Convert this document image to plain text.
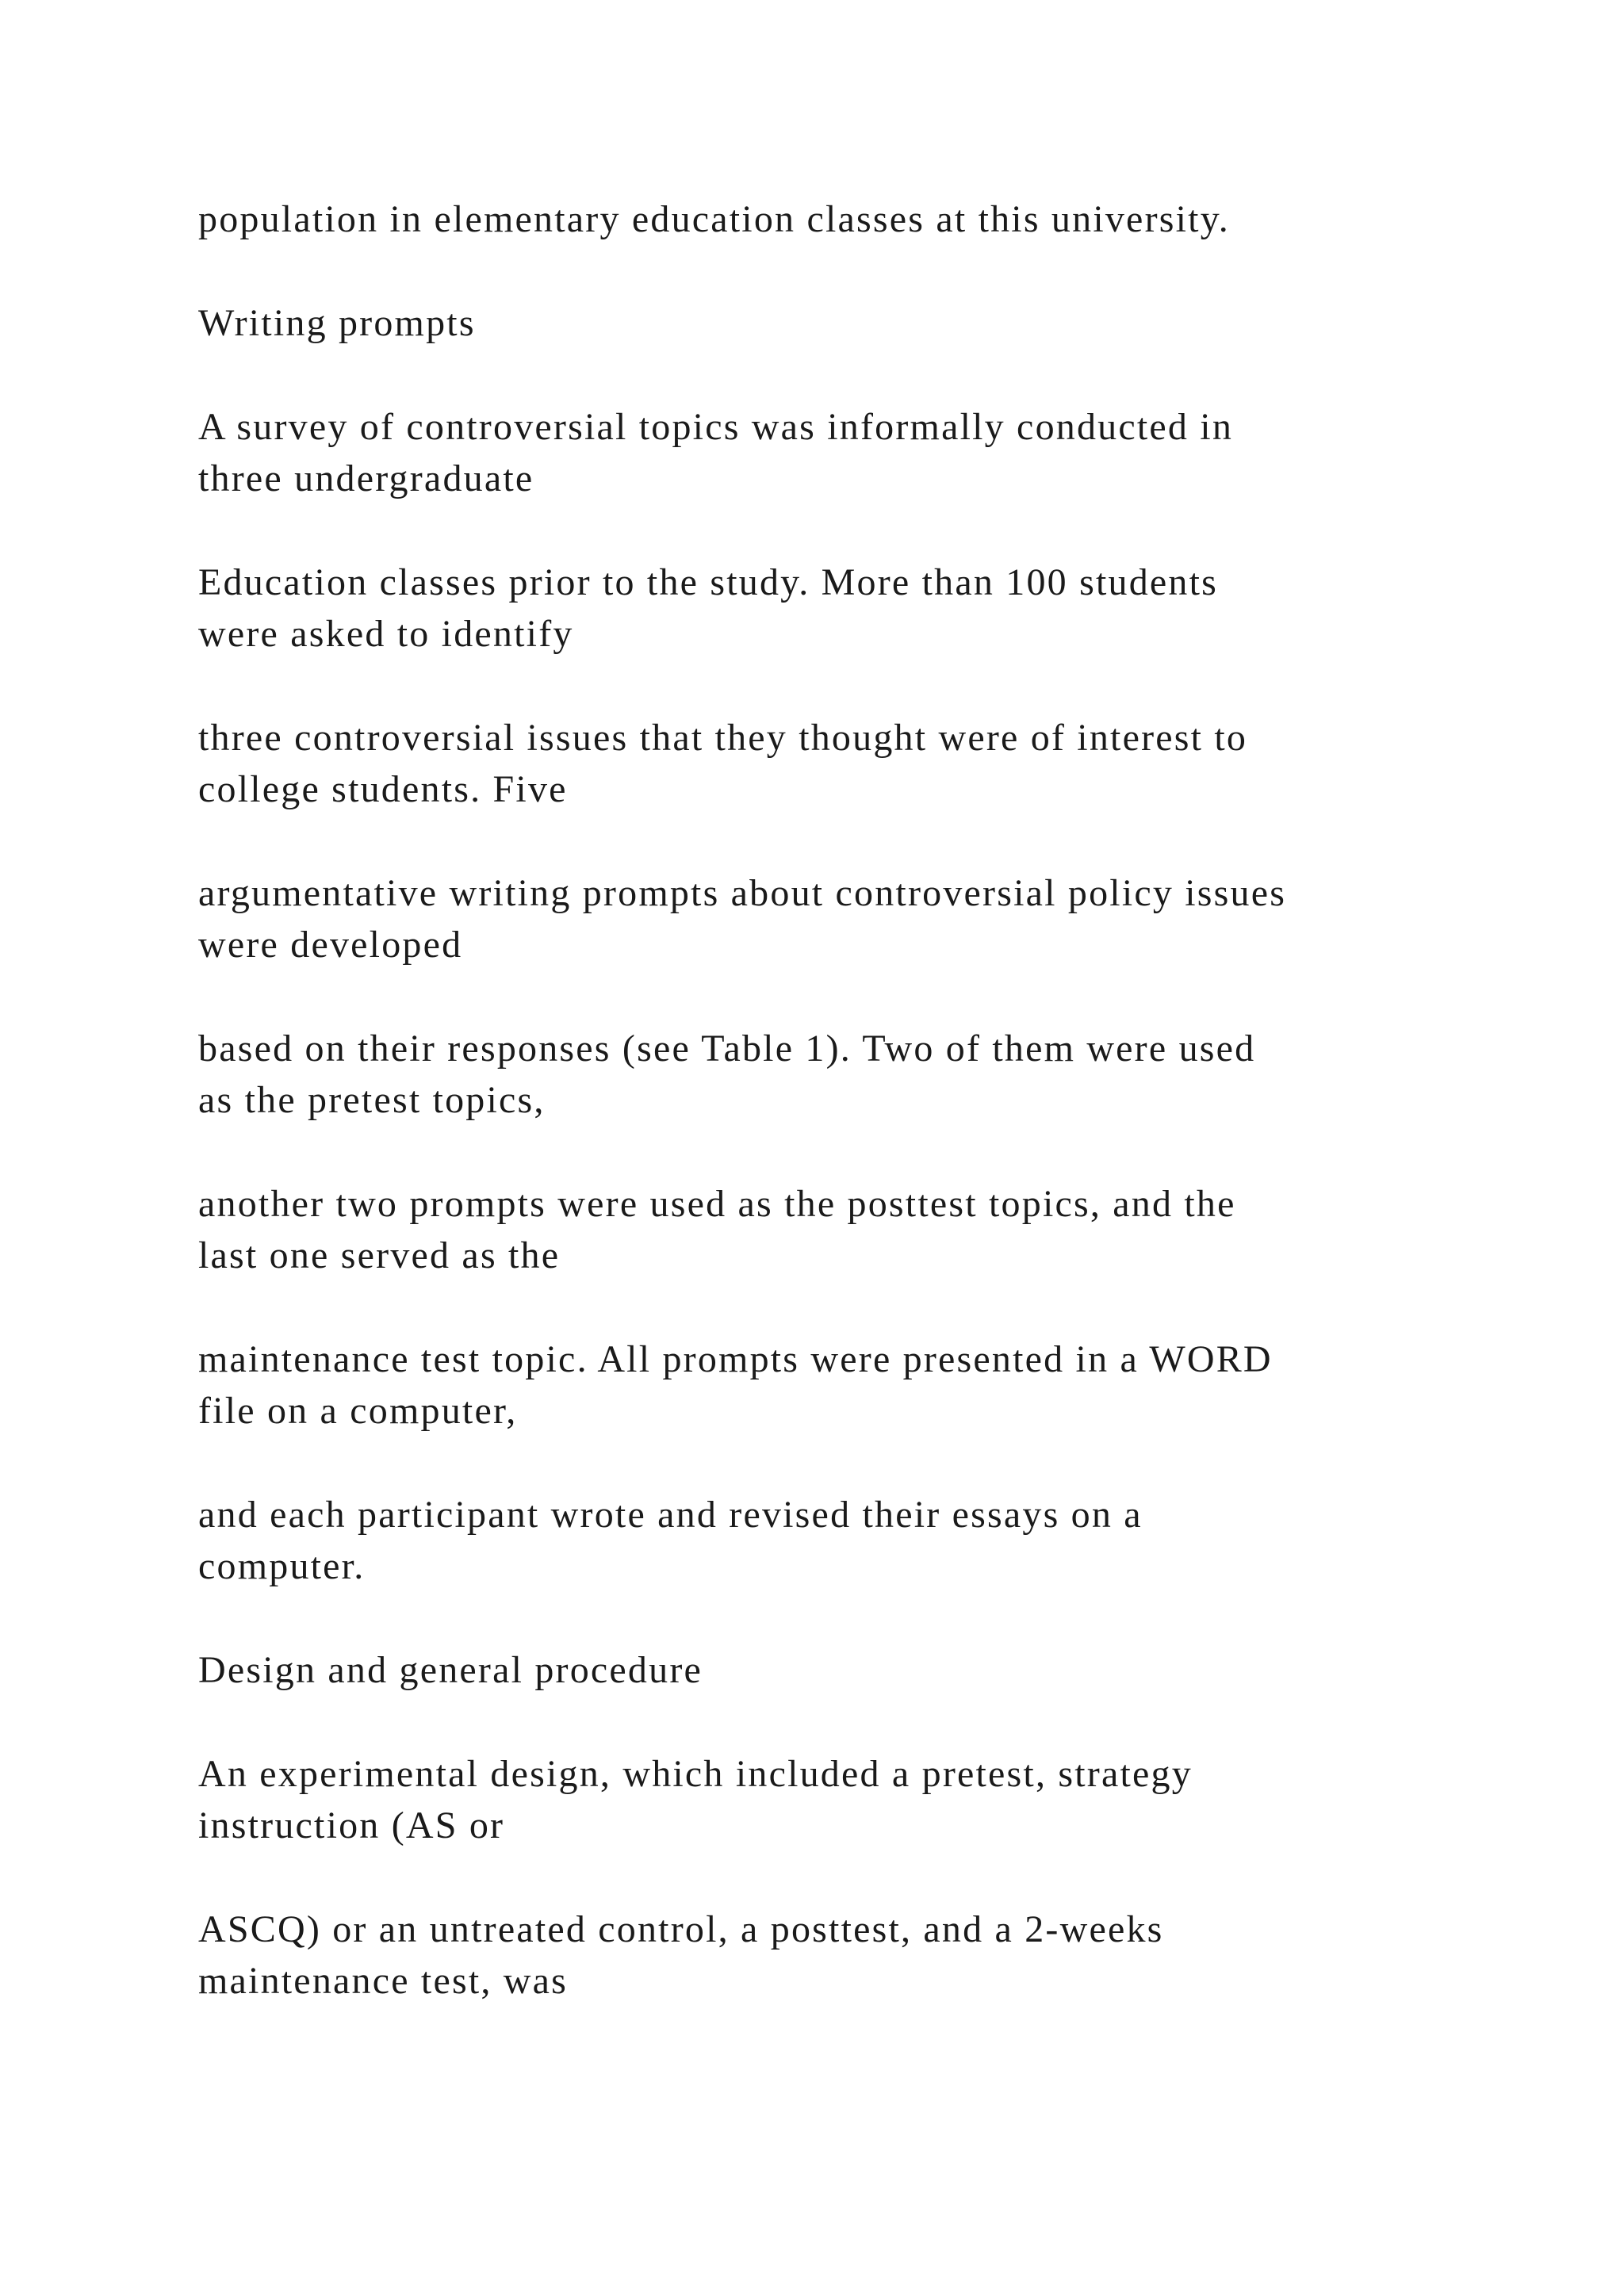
population in elementary education classes at this university.

Writing prompts

A survey of controversial topics was informally conducted in
three undergraduate

Education classes prior to the study. More than 100 students
were asked to identify

three controversial issues that they thought were of interest to
college students. Five

argumentative writing prompts about controversial policy issues
were developed

based on their responses (see Table 1). Two of them were used
as the pretest topics,

another two prompts were used as the posttest topics, and the
last one served as the

maintenance test topic. All prompts were presented in a WORD
file on a computer,

and each participant wrote and revised their essays on a
computer.

Design and general procedure

An experimental design, which included a pretest, strategy
instruction (AS or

ASCQ) or an untreated control, a posttest, and a 2-weeks
maintenance test, was
